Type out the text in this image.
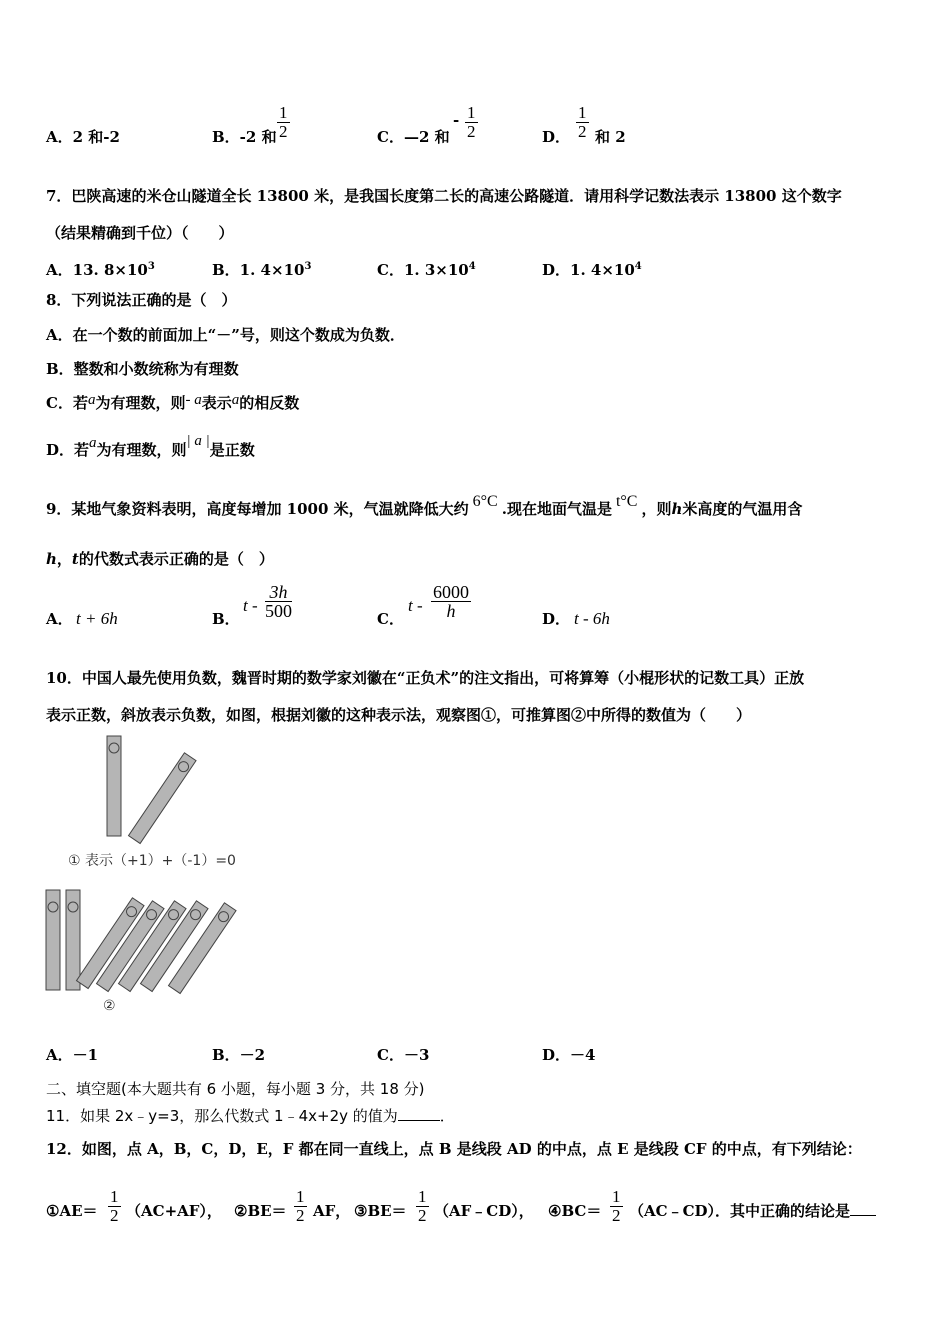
A．2 和-2	B．-2 和
1
2	C．—2 和
- 1
2	D．
1
2 和 2
7．巴陕高速的米仓山隧道全长 13800 米，是我国长度第二长的高速公路隧道．请用科学记数法表示 13800 这个数字
（结果精确到千位）（　　）
A．13. $8\times 10^3$	B．1. $4\times 10^3$	C．1. $3\times 10^4$	D．1. $4\times 10^4$
8．下列说法正确的是（　）
A．在一个数的前面加上“－”号，则这个数成为负数．
B．整数和小数统称为有理数
C．若a为有理数，则- a表示a的相反数
D．若a为有理数，则| a |是正数
9．某地气象资料表明，高度每增加 1000 米，气温就降低大约 6°C .现在地面气温是 t°C ，则h米高度的气温用含
h，t的代数式表示正确的是（　）
A． t + 6h	B．
t -
3h
500	C．
t -
6000
h	D． t - 6h
10．中国人最先使用负数，魏晋时期的数学家刘徽在“正负术”的注文指出，可将算筹（小棍形状的记数工具）正放
表示正数，斜放表示负数，如图，根据刘徽的这种表示法，观察图①，可推算图②中所得的数值为（　　）
① 表示（+1）+（-1）=0
②
A．－1	B．－2	C．－3	D．－4
二、填空题(本大题共有 6 小题，每小题 3 分，共 18 分)
11．如果 2x﹣y=3，那么代数式 1﹣4x+2y 的值为	．
12．如图，点 A，B，C，D，E，F 都在同一直线上，点 B 是线段 AD 的中点，点 E 是线段 CF 的中点，有下列结论：
①AE＝
1
2 （AC+AF）， ②BE＝
1
2 AF， ③BE＝
1
2 （AF﹣CD）， ④BC＝
1
2 （AC﹣CD）．其中正确的结论是
